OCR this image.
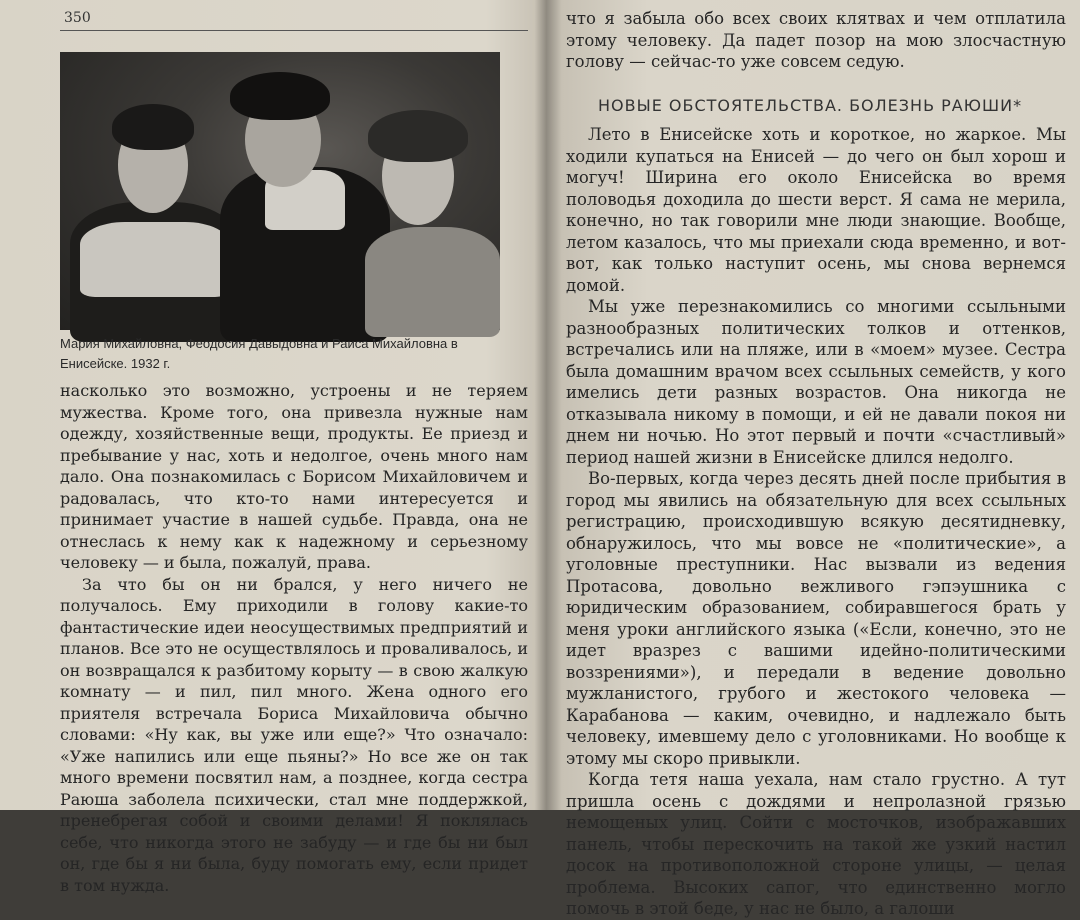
350
Мария Михайловна, Феодосия Давыдовна и Раиса Михайловна в Енисейске. 1932 г.

насколько это возможно, устроены и не теряем мужества. Кроме того, она привезла нужные нам одежду, хозяйственные вещи, продукты. Ее приезд и пребывание у нас, хоть и недолгое, очень много нам дало. Она познакомилась с Борисом Михайловичем и радовалась, что кто-то нами интересуется и принимает участие в нашей судьбе. Правда, она не отнеслась к нему как к надежному и серьезному человеку — и была, пожалуй, права.

За что бы он ни брался, у него ничего не получалось. Ему приходили в голову какие-то фантастические идеи неосуществимых предприятий и планов. Все это не осуществлялось и проваливалось, и он возвращался к разбитому корыту — в свою жалкую комнату — и пил, пил много. Жена одного его приятеля встречала Бориса Михайловича обычно словами: «Ну как, вы уже или еще?» Что означало: «Уже напились или еще пьяны?» Но все же он так много времени посвятил нам, а позднее, когда сестра Раюша заболела психически, стал мне поддержкой, пренебрегая собой и своими делами! Я поклялась себе, что никогда этого не забуду — и где бы ни был он, где бы я ни была, буду помогать ему, если придет в том нужда.

что я забыла обо всех своих клятвах и чем отплатила этому человеку. Да падет позор на мою злосчастную голову — сейчас-то уже совсем седую.

НОВЫЕ ОБСТОЯТЕЛЬСТВА. БОЛЕЗНЬ РАЮШИ*

Лето в Енисейске хоть и короткое, но жаркое. Мы ходили купаться на Енисей — до чего он был хорош и могуч! Ширина его около Енисейска во время половодья доходила до шести верст. Я сама не мерила, конечно, но так говорили мне люди знающие. Вообще, летом казалось, что мы приехали сюда временно, и вот-вот, как только наступит осень, мы снова вернемся домой.

Мы уже перезнакомились со многими ссыльными разнообразных политических толков и оттенков, встречались или на пляже, или в «моем» музее. Сестра была домашним врачом всех ссыльных семейств, у кого имелись дети разных возрастов. Она никогда не отказывала никому в помощи, и ей не давали покоя ни днем ни ночью. Но этот первый и почти «счастливый» период нашей жизни в Енисейске длился недолго.

Во-первых, когда через десять дней после прибытия в город мы явились на обязательную для всех ссыльных регистрацию, происходившую всякую десятидневку, обнаружилось, что мы вовсе не «политические», а уголовные преступники. Нас вызвали из ведения Протасова, довольно вежливого гэпэушника с юридическим образованием, собиравшегося брать у меня уроки английского языка («Если, конечно, это не идет вразрез с вашими идейно-политическими воззрениями»), и передали в ведение довольно мужланистого, грубого и жестокого человека — Карабанова — каким, очевидно, и надлежало быть человеку, имевшему дело с уголовниками. Но вообще к этому мы скоро привыкли.

Когда тетя наша уехала, нам стало грустно. А тут пришла осень с дождями и непролазной грязью немощеных улиц. Сойти с мосточков, изображавших панель, чтобы перескочить на такой же узкий настил досок на противоположной стороне улицы, — целая проблема. Высоких сапог, что единственно могло помочь в этой беде, у нас не было, а галоши
